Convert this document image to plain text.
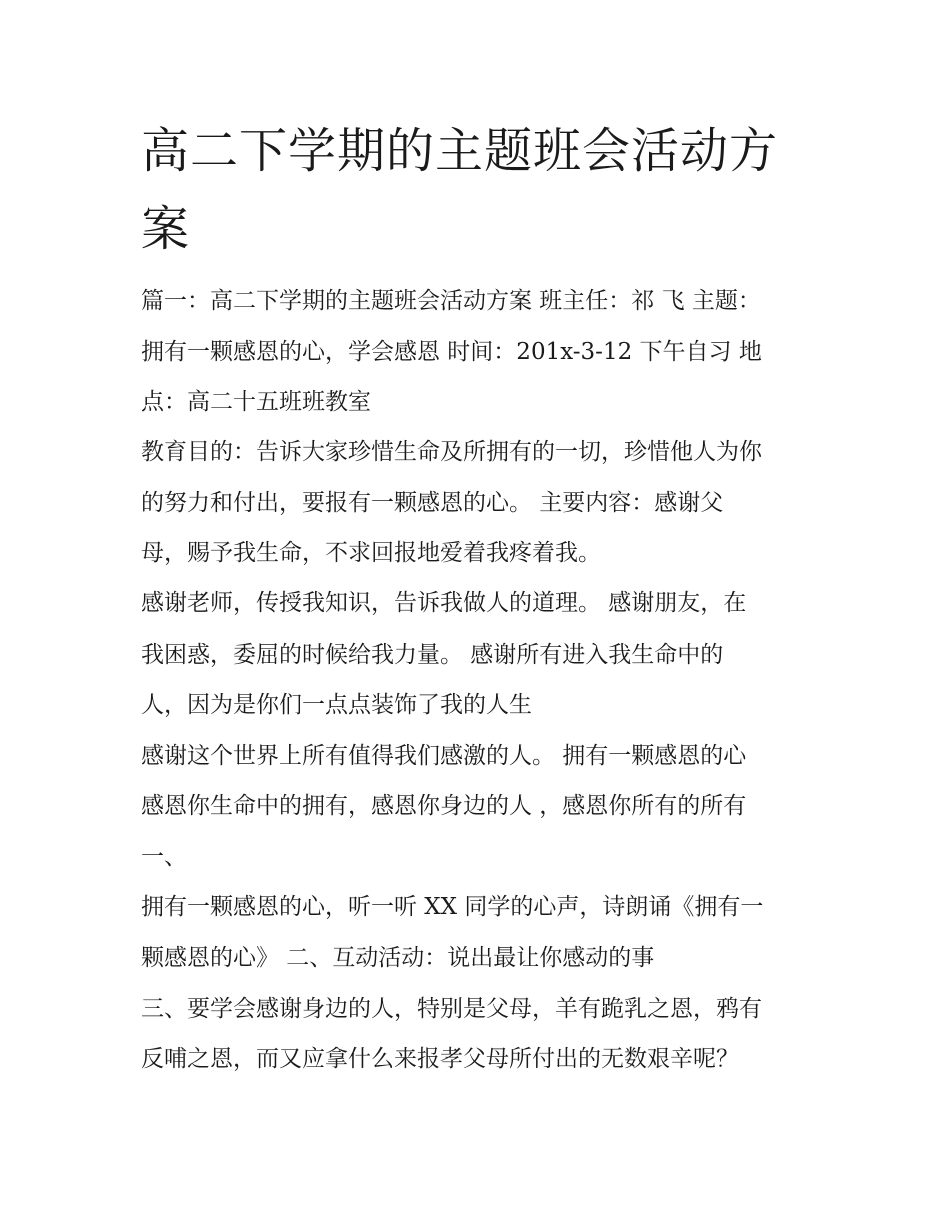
高二下学期的主题班会活动方案

篇一：高二下学期的主题班会活动方案 班主任：祁 飞 主题：

拥有一颗感恩的心，学会感恩 时间：201x-3-12 下午自习 地

点：高二十五班班教室

教育目的：告诉大家珍惜生命及所拥有的一切，珍惜他人为你

的努力和付出，要报有一颗感恩的心。 主要内容：感谢父

母，赐予我生命，不求回报地爱着我疼着我。

感谢老师，传授我知识，告诉我做人的道理。 感谢朋友，在

我困惑，委屈的时候给我力量。 感谢所有进入我生命中的

人，因为是你们一点点装饰了我的人生

感谢这个世界上所有值得我们感激的人。 拥有一颗感恩的心

感恩你生命中的拥有，感恩你身边的人 ，感恩你所有的所有

一、

拥有一颗感恩的心，听一听 XX 同学的心声，诗朗诵《拥有一

颗感恩的心》 二、互动活动：说出最让你感动的事

三、要学会感谢身边的人，特别是父母，羊有跪乳之恩，鸦有

反哺之恩，而又应拿什么来报孝父母所付出的无数艰辛呢？
